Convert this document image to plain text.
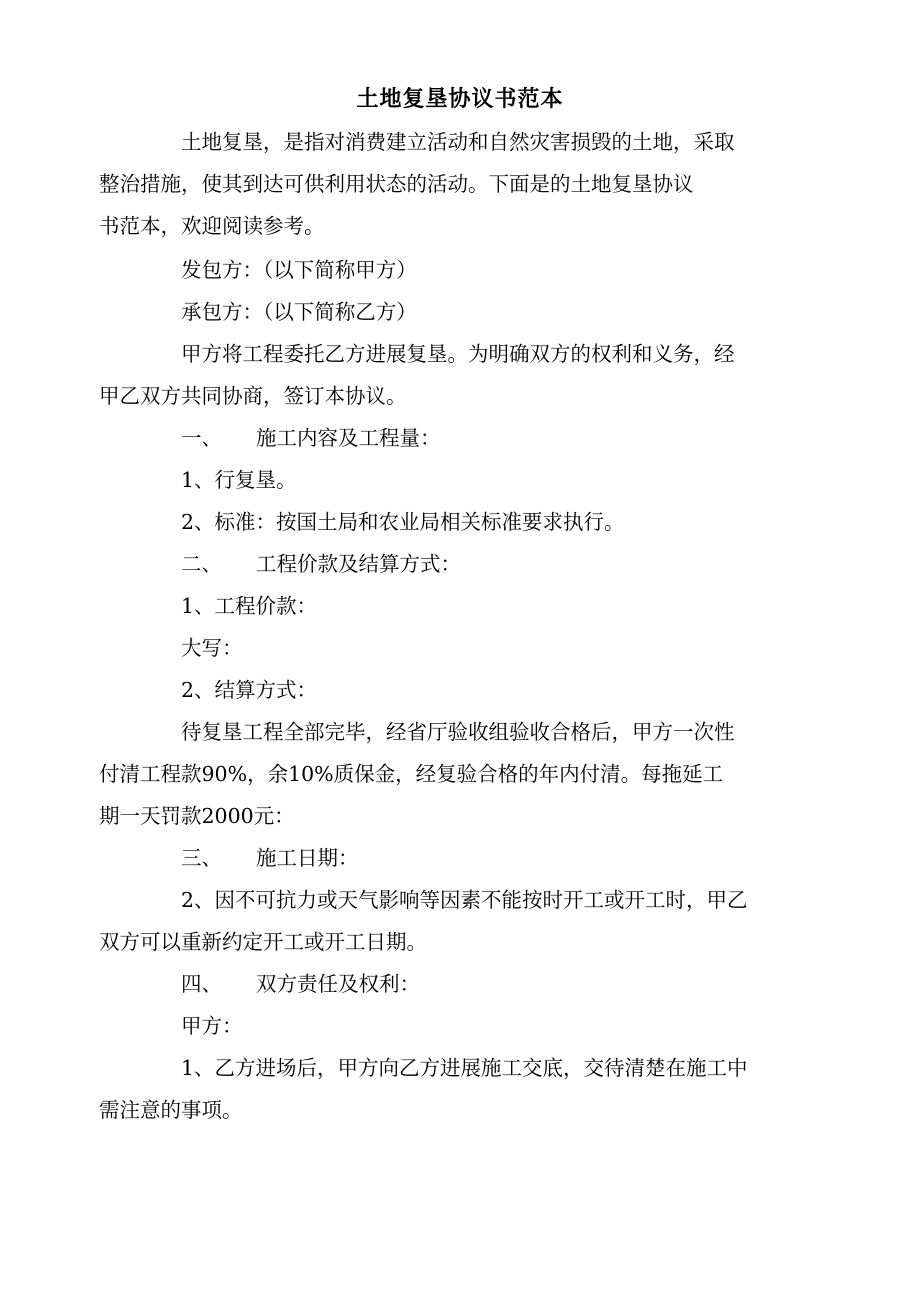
土地复垦协议书范本
土地复垦，是指对消费建立活动和自然灾害损毁的土地，采取
整治措施，使其到达可供利用状态的活动。下面是的土地复垦协议
书范本，欢迎阅读参考。
发包方：（以下简称甲方）
承包方：（以下简称乙方）
甲方将工程委托乙方进展复垦。为明确双方的权利和义务，经
甲乙双方共同协商，签订本协议。
一、 施工内容及工程量：
1、行复垦。
2、标准：按国土局和农业局相关标准要求执行。
二、 工程价款及结算方式：
1、工程价款：
大写：
2、结算方式：
待复垦工程全部完毕，经省厅验收组验收合格后，甲方一次性
付清工程款90%，余10%质保金，经复验合格的年内付清。每拖延工
期一天罚款2000元：
三、 施工日期：
2、因不可抗力或天气影响等因素不能按时开工或开工时，甲乙
双方可以重新约定开工或开工日期。
四、 双方责任及权利：
甲方：
1、乙方进场后，甲方向乙方进展施工交底，交待清楚在施工中
需注意的事项。
